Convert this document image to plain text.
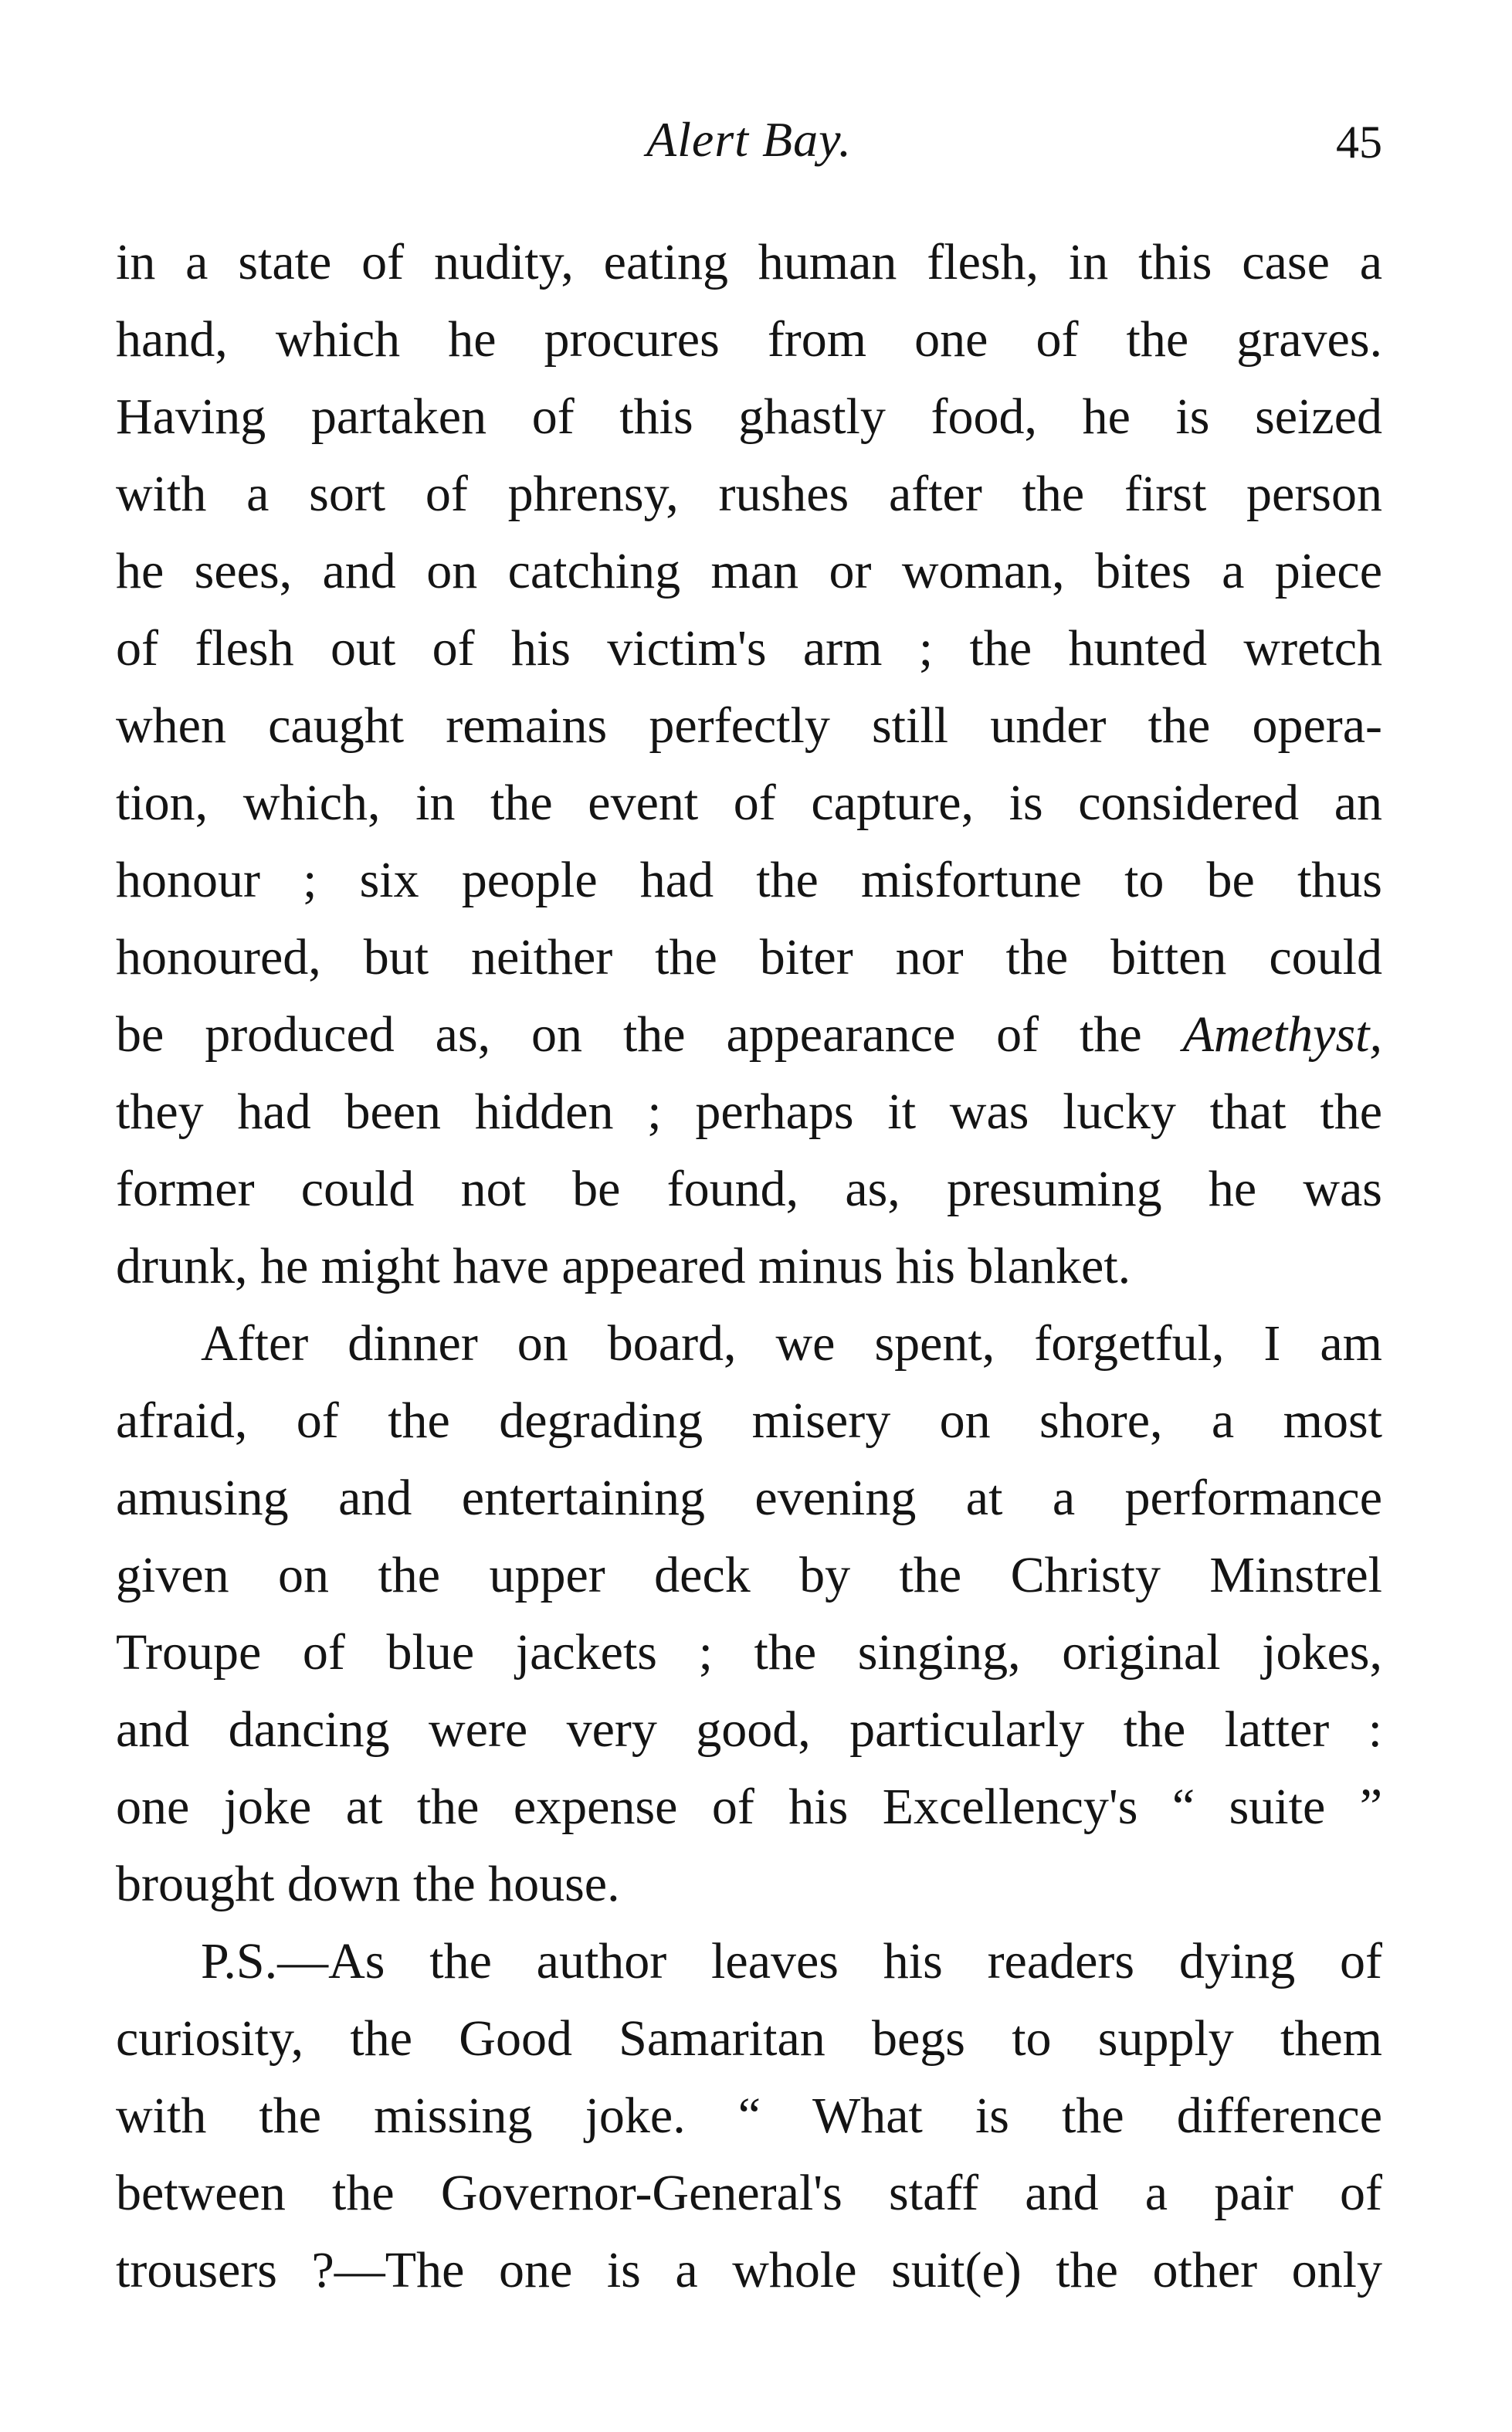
Alert Bay.	45
in a state of nudity, eating human flesh, in this case a
hand, which he procures from one of the graves.
Having partaken of this ghastly food, he is seized
with a sort of phrensy, rushes after the first person
he sees, and on catching man or woman, bites a piece
of flesh out of his victim's arm ; the hunted wretch
when caught remains perfectly still under the opera-
tion, which, in the event of capture, is considered an
honour ; six people had the misfortune to be thus
honoured, but neither the biter nor the bitten could
be produced as, on the appearance of the Amethyst,
they had been hidden ; perhaps it was lucky that the
former could not be found, as, presuming he was
drunk, he might have appeared minus his blanket.
After dinner on board, we spent, forgetful, I am
afraid, of the degrading misery on shore, a most
amusing and entertaining evening at a performance
given on the upper deck by the Christy Minstrel
Troupe of blue jackets ; the singing, original jokes,
and dancing were very good, particularly the latter :
one joke at the expense of his Excellency's “ suite ”
brought down the house.
P.S.—As the author leaves his readers dying of
curiosity, the Good Samaritan begs to supply them
with the missing joke. “ What is the difference
between the Governor-General's staff and a pair of
trousers ?—The one is a whole suit(e) the other only
